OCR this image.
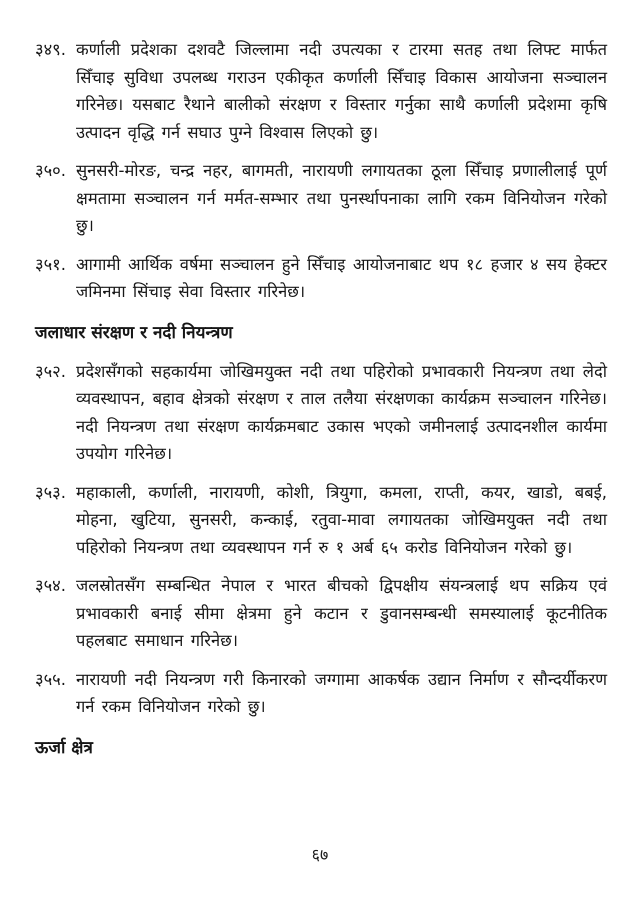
३४९. कर्णाली प्रदेशका दशवटै जिल्लामा नदी उपत्यका र टारमा सतह तथा लिफ्ट मार्फत सिँचाइ सुविधा उपलब्ध गराउन एकीकृत कर्णाली सिँचाइ विकास आयोजना सञ्चालन गरिनेछ। यसबाट रैथाने बालीको संरक्षण र विस्तार गर्नुका साथै कर्णाली प्रदेशमा कृषि उत्पादन वृद्धि गर्न सघाउ पुग्ने विश्वास लिएको छु।
३५०. सुनसरी-मोरङ, चन्द्र नहर, बागमती, नारायणी लगायतका ठूला सिँचाइ प्रणालीलाई पूर्ण क्षमतामा सञ्चालन गर्न मर्मत-सम्भार तथा पुनर्स्थापनाका लागि रकम विनियोजन गरेको छु।
३५१. आगामी आर्थिक वर्षमा सञ्चालन हुने सिँचाइ आयोजनाबाट थप १८ हजार ४ सय हेक्टर जमिनमा सिंचाइ सेवा विस्तार गरिनेछ।
जलाधार संरक्षण र नदी नियन्त्रण
३५२. प्रदेशसँगको सहकार्यमा जोखिमयुक्त नदी तथा पहिरोको प्रभावकारी नियन्त्रण तथा लेदो व्यवस्थापन, बहाव क्षेत्रको संरक्षण र ताल तलैया संरक्षणका कार्यक्रम सञ्चालन गरिनेछ। नदी नियन्त्रण तथा संरक्षण कार्यक्रमबाट उकास भएको जमीनलाई उत्पादनशील कार्यमा उपयोग गरिनेछ।
३५३. महाकाली, कर्णाली, नारायणी, कोशी, त्रियुगा, कमला, राप्ती, कयर, खाडो, बबई, मोहना, खुटिया, सुनसरी, कन्काई, रतुवा-मावा लगायतका जोखिमयुक्त नदी तथा पहिरोको नियन्त्रण तथा व्यवस्थापन गर्न रु १ अर्ब ६५ करोड विनियोजन गरेको छु।
३५४. जलस्रोतसँग सम्बन्धित नेपाल र भारत बीचको द्विपक्षीय संयन्त्रलाई थप सक्रिय एवं प्रभावकारी बनाई सीमा क्षेत्रमा हुने कटान र डुवानसम्बन्धी समस्यालाई कूटनीतिक पहलबाट समाधान गरिनेछ।
३५५. नारायणी नदी नियन्त्रण गरी किनारको जग्गामा आकर्षक उद्यान निर्माण र सौन्दर्यीकरण गर्न रकम विनियोजन गरेको छु।
ऊर्जा क्षेत्र
६७
